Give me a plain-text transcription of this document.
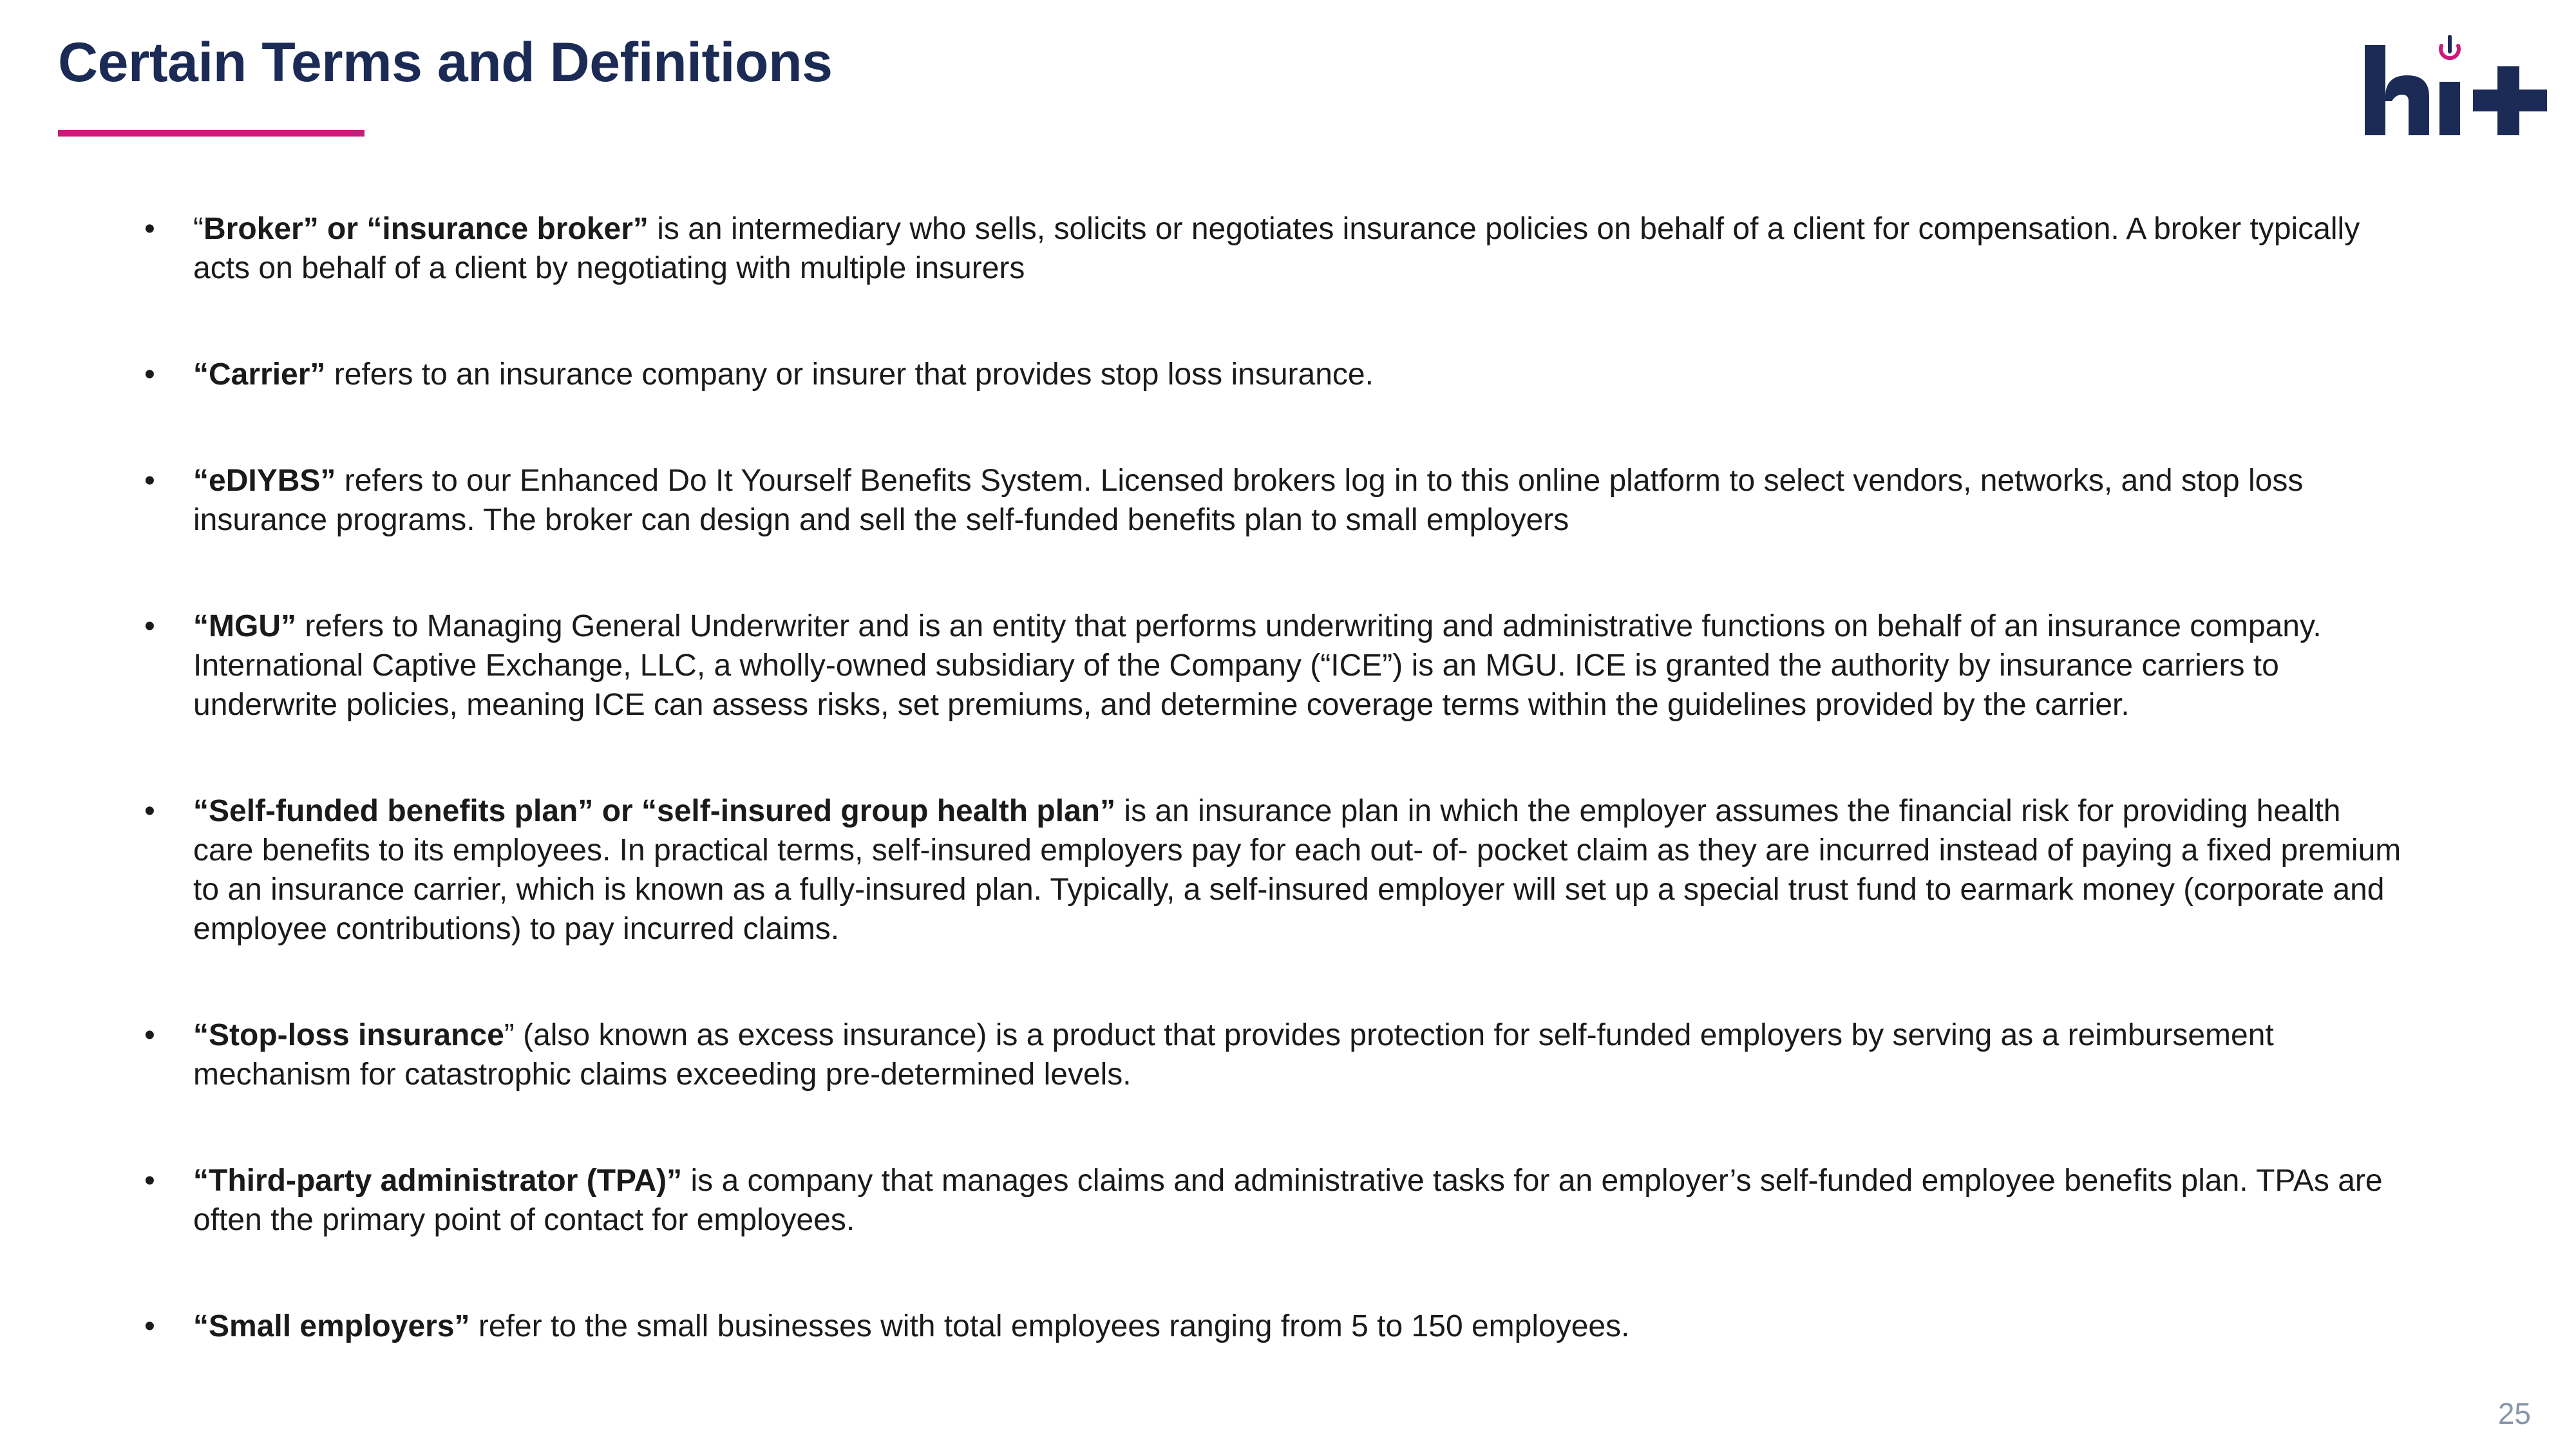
Certain Terms and Definitions
•	“Broker” or “insurance broker” is an intermediary who sells, solicits or negotiates insurance policies on behalf of a client for compensation. A broker typically acts on behalf of a client by negotiating with multiple insurers
•	“Carrier” refers to an insurance company or insurer that provides stop loss insurance.
•	“eDIYBS” refers to our Enhanced Do It Yourself Benefits System. Licensed brokers log in to this online platform to select vendors, networks, and stop loss insurance programs. The broker can design and sell the self-funded benefits plan to small employers
•	“MGU” refers to Managing General Underwriter and is an entity that performs underwriting and administrative functions on behalf of an insurance company. International Captive Exchange, LLC, a wholly-owned subsidiary of the Company (“ICE”) is an MGU. ICE is granted the authority by insurance carriers to underwrite policies, meaning ICE can assess risks, set premiums, and determine coverage terms within the guidelines provided by the carrier.
•	“Self-funded benefits plan” or “self-insured group health plan” is an insurance plan in which the employer assumes the financial risk for providing health care benefits to its employees. In practical terms, self-insured employers pay for each out- of- pocket claim as they are incurred instead of paying a fixed premium to an insurance carrier, which is known as a fully-insured plan. Typically, a self-insured employer will set up a special trust fund to earmark money (corporate and employee contributions) to pay incurred claims.
•	“Stop-loss insurance” (also known as excess insurance) is a product that provides protection for self-funded employers by serving as a reimbursement mechanism for catastrophic claims exceeding pre-determined levels.
•	“Third-party administrator (TPA)” is a company that manages claims and administrative tasks for an employer’s self-funded employee benefits plan. TPAs are often the primary point of contact for employees.
•	“Small employers” refer to the small businesses with total employees ranging from 5 to 150 employees.
25
